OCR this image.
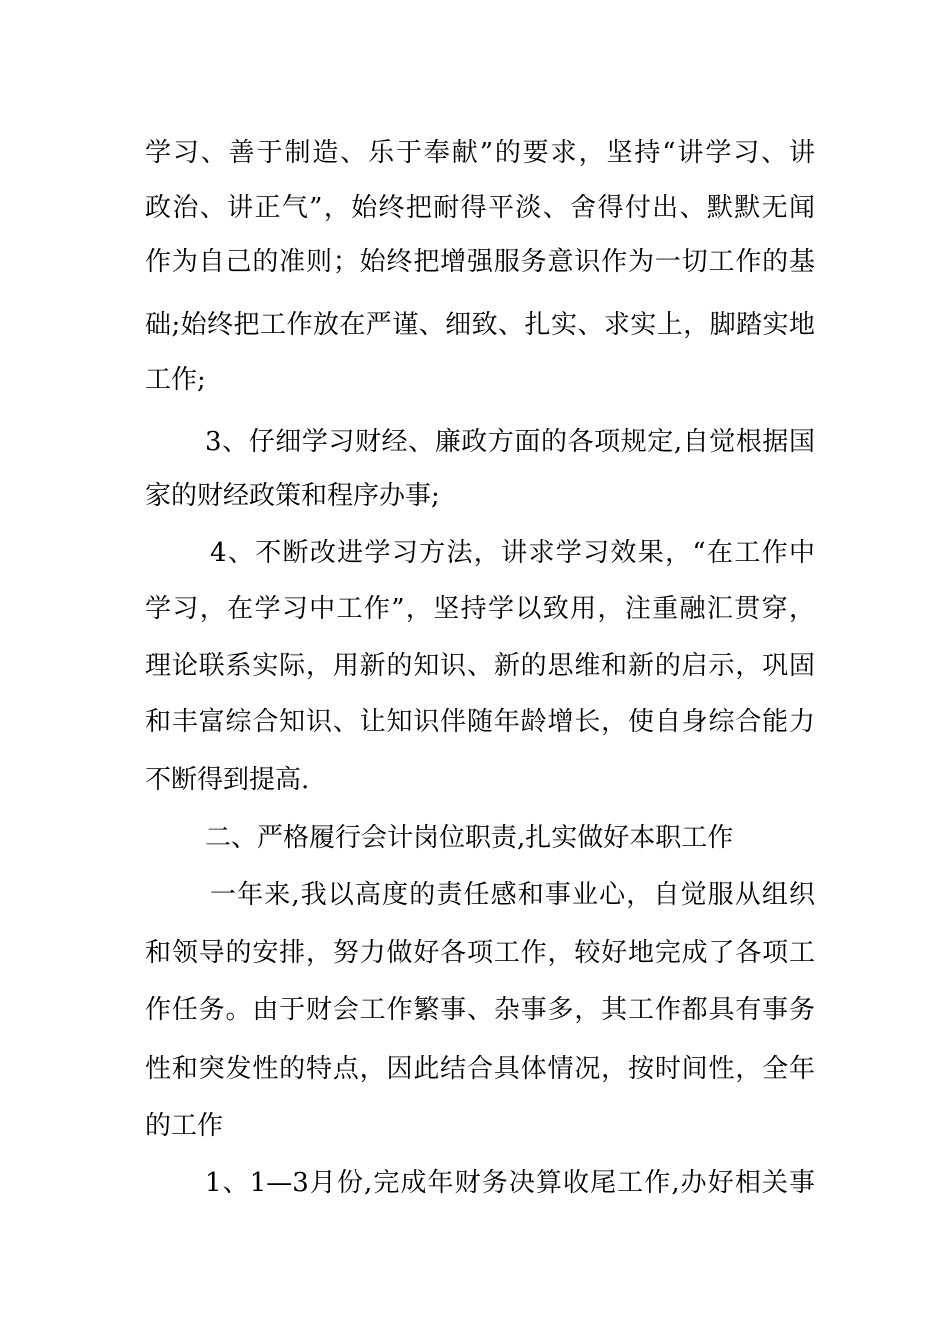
学习、善于制造、乐于奉献”的要求，坚持“讲学习、讲
政治、讲正气”，始终把耐得平淡、舍得付出、默默无闻
作为自己的准则；始终把增强服务意识作为一切工作的基
础;始终把工作放在严谨、细致、扎实、求实上，脚踏实地
工作;
3、仔细学习财经、廉政方面的各项规定,自觉根据国
家的财经政策和程序办事;
4、不断改进学习方法，讲求学习效果，“在工作中
学习，在学习中工作”，坚持学以致用，注重融汇贯穿，
理论联系实际，用新的知识、新的思维和新的启示，巩固
和丰富综合知识、让知识伴随年龄增长，使自身综合能力
不断得到提高.
二、严格履行会计岗位职责,扎实做好本职工作
一年来,我以高度的责任感和事业心，自觉服从组织
和领导的安排，努力做好各项工作，较好地完成了各项工
作任务。由于财会工作繁事、杂事多，其工作都具有事务
性和突发性的特点，因此结合具体情况，按时间性，全年
的工作
1、1—3月份,完成年财务决算收尾工作,办好相关事
